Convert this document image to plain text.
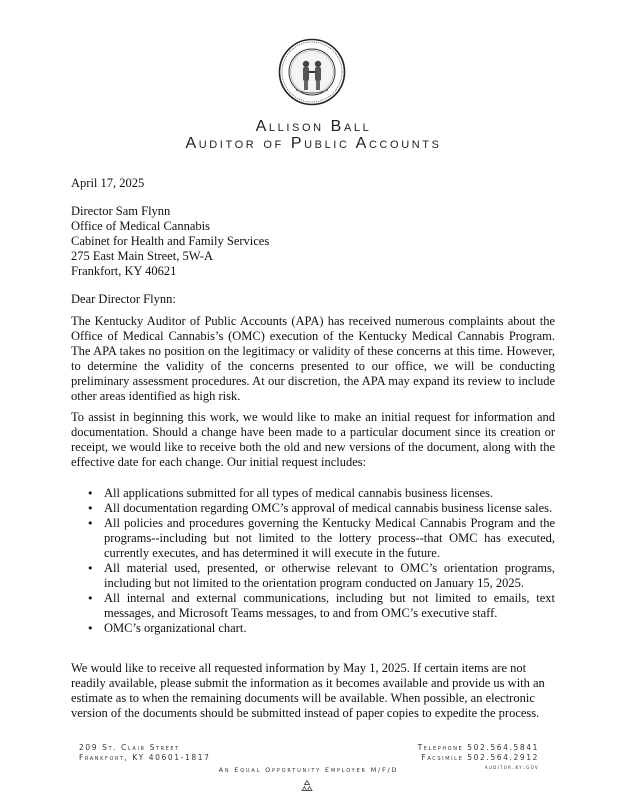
Allison Ball
Auditor of Public Accounts
April 17, 2025
Director Sam Flynn
Office of Medical Cannabis
Cabinet for Health and Family Services
275 East Main Street, 5W-A
Frankfort, KY 40621
Dear Director Flynn:
The Kentucky Auditor of Public Accounts (APA) has received numerous complaints about the Office of Medical Cannabis’s (OMC) execution of the Kentucky Medical Cannabis Program. The APA takes no position on the legitimacy or validity of these concerns at this time. However, to determine the validity of the concerns presented to our office, we will be conducting preliminary assessment procedures. At our discretion, the APA may expand its review to include other areas identified as high risk.
To assist in beginning this work, we would like to make an initial request for information and documentation. Should a change have been made to a particular document since its creation or receipt, we would like to receive both the old and new versions of the document, along with the effective date for each change. Our initial request includes:
• All applications submitted for all types of medical cannabis business licenses.
• All documentation regarding OMC’s approval of medical cannabis business license sales.
• All policies and procedures governing the Kentucky Medical Cannabis Program and the programs--including but not limited to the lottery process--that OMC has executed, currently executes, and has determined it will execute in the future.
• All material used, presented, or otherwise relevant to OMC’s orientation programs, including but not limited to the orientation program conducted on January 15, 2025.
• All internal and external communications, including but not limited to emails, text messages, and Microsoft Teams messages, to and from OMC’s executive staff.
• OMC’s organizational chart.
We would like to receive all requested information by May 1, 2025. If certain items are not readily available, please submit the information as it becomes available and provide us with an estimate as to when the remaining documents will be available. When possible, an electronic version of the documents should be submitted instead of paper copies to expedite the process.
209 St. Clair Street
Frankfort, KY 40601-1817
Telephone 502.564.5841
Facsimile 502.564.2912
auditor.ky.gov
An Equal Opportunity Employer M/F/D
